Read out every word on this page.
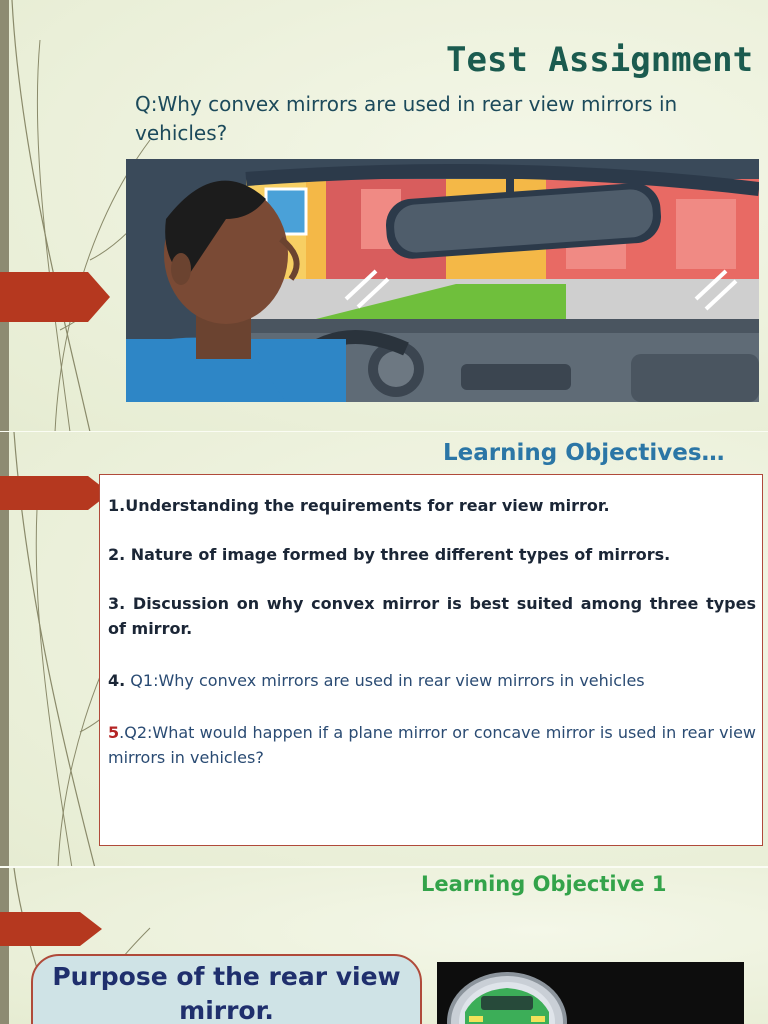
Test Assignment

Q:Why convex mirrors are used in rear view mirrors in vehicles?

Learning Objectives…

1.Understanding the requirements for rear view mirror.

2. Nature of image formed by three different types of mirrors.

3. Discussion on why convex mirror is best suited among three types of mirror.

4. Q1:Why convex mirrors are used in rear view mirrors in vehicles

5.Q2:What would happen if a plane mirror or concave mirror is used in rear view mirrors in vehicles?

Learning Objective 1

Purpose of the rear view mirror.
